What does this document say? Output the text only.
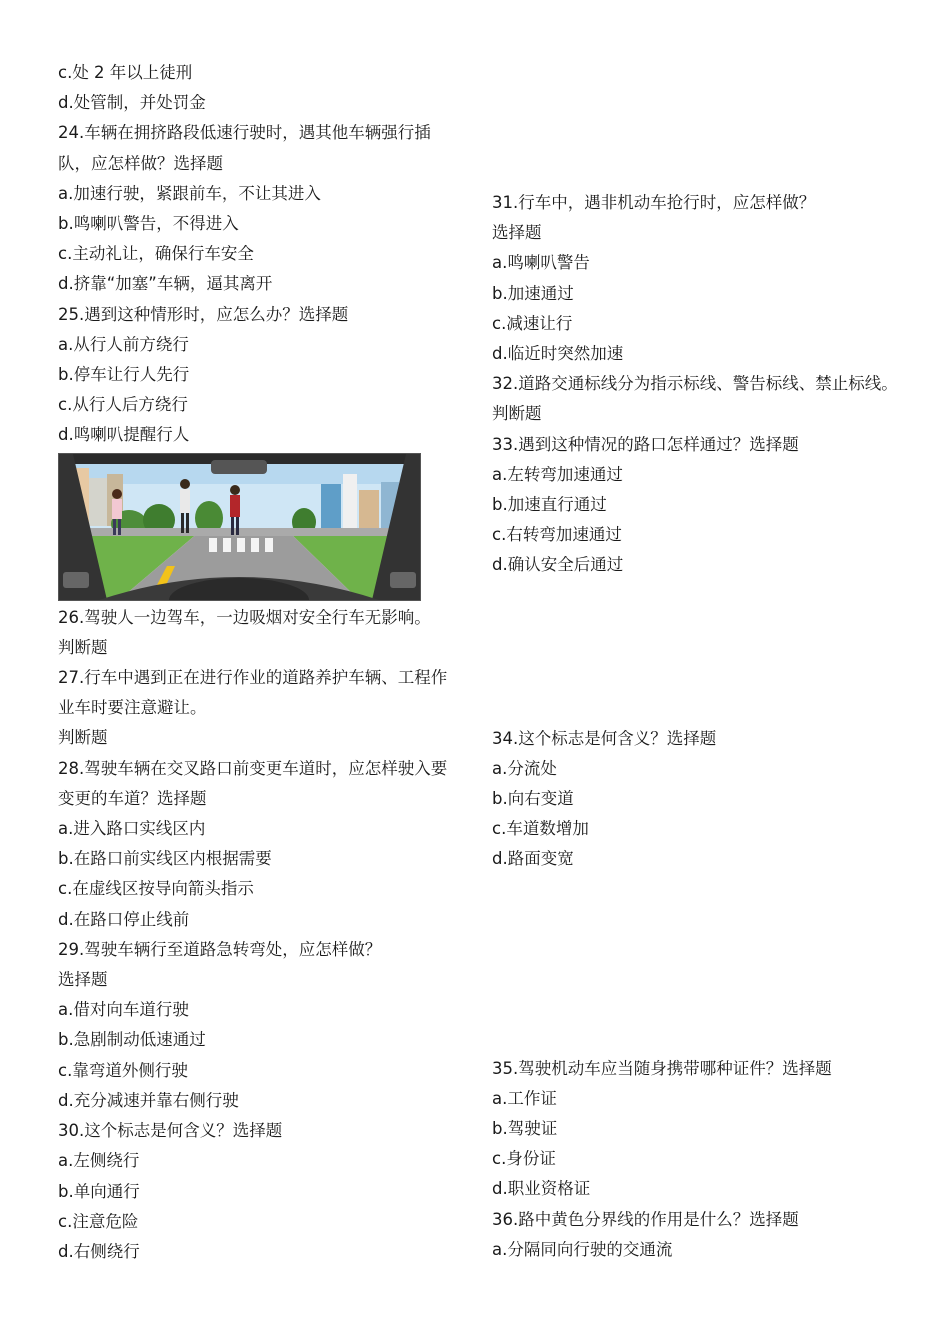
c.处 2 年以上徒刑
d.处管制，并处罚金
24.车辆在拥挤路段低速行驶时，遇其他车辆强行插队，应怎样做？选择题
a.加速行驶，紧跟前车，不让其进入
b.鸣喇叭警告，不得进入
c.主动礼让，确保行车安全
d.挤靠“加塞”车辆，逼其离开
25.遇到这种情形时，应怎么办？选择题
a.从行人前方绕行
b.停车让行人先行
c.从行人后方绕行
d.鸣喇叭提醒行人
26.驾驶人一边驾车，一边吸烟对安全行车无影响。
判断题
27.行车中遇到正在进行作业的道路养护车辆、工程作业车时要注意避让。
判断题
28.驾驶车辆在交叉路口前变更车道时，应怎样驶入要变更的车道？选择题
a.进入路口实线区内
b.在路口前实线区内根据需要
c.在虚线区按导向箭头指示
d.在路口停止线前
29.驾驶车辆行至道路急转弯处，应怎样做？
选择题
a.借对向车道行驶
b.急剧制动低速通过
c.靠弯道外侧行驶
d.充分减速并靠右侧行驶
30.这个标志是何含义？选择题
a.左侧绕行
b.单向通行
c.注意危险
d.右侧绕行
31.行车中，遇非机动车抢行时，应怎样做？
选择题
a.鸣喇叭警告
b.加速通过
c.减速让行
d.临近时突然加速
32.道路交通标线分为指示标线、警告标线、禁止标线。判断题
33.遇到这种情况的路口怎样通过？选择题
a.左转弯加速通过
b.加速直行通过
c.右转弯加速通过
d.确认安全后通过
34.这个标志是何含义？选择题
a.分流处
b.向右变道
c.车道数增加
d.路面变宽
35.驾驶机动车应当随身携带哪种证件？选择题
a.工作证
b.驾驶证
c.身份证
d.职业资格证
36.路中黄色分界线的作用是什么？选择题
a.分隔同向行驶的交通流
